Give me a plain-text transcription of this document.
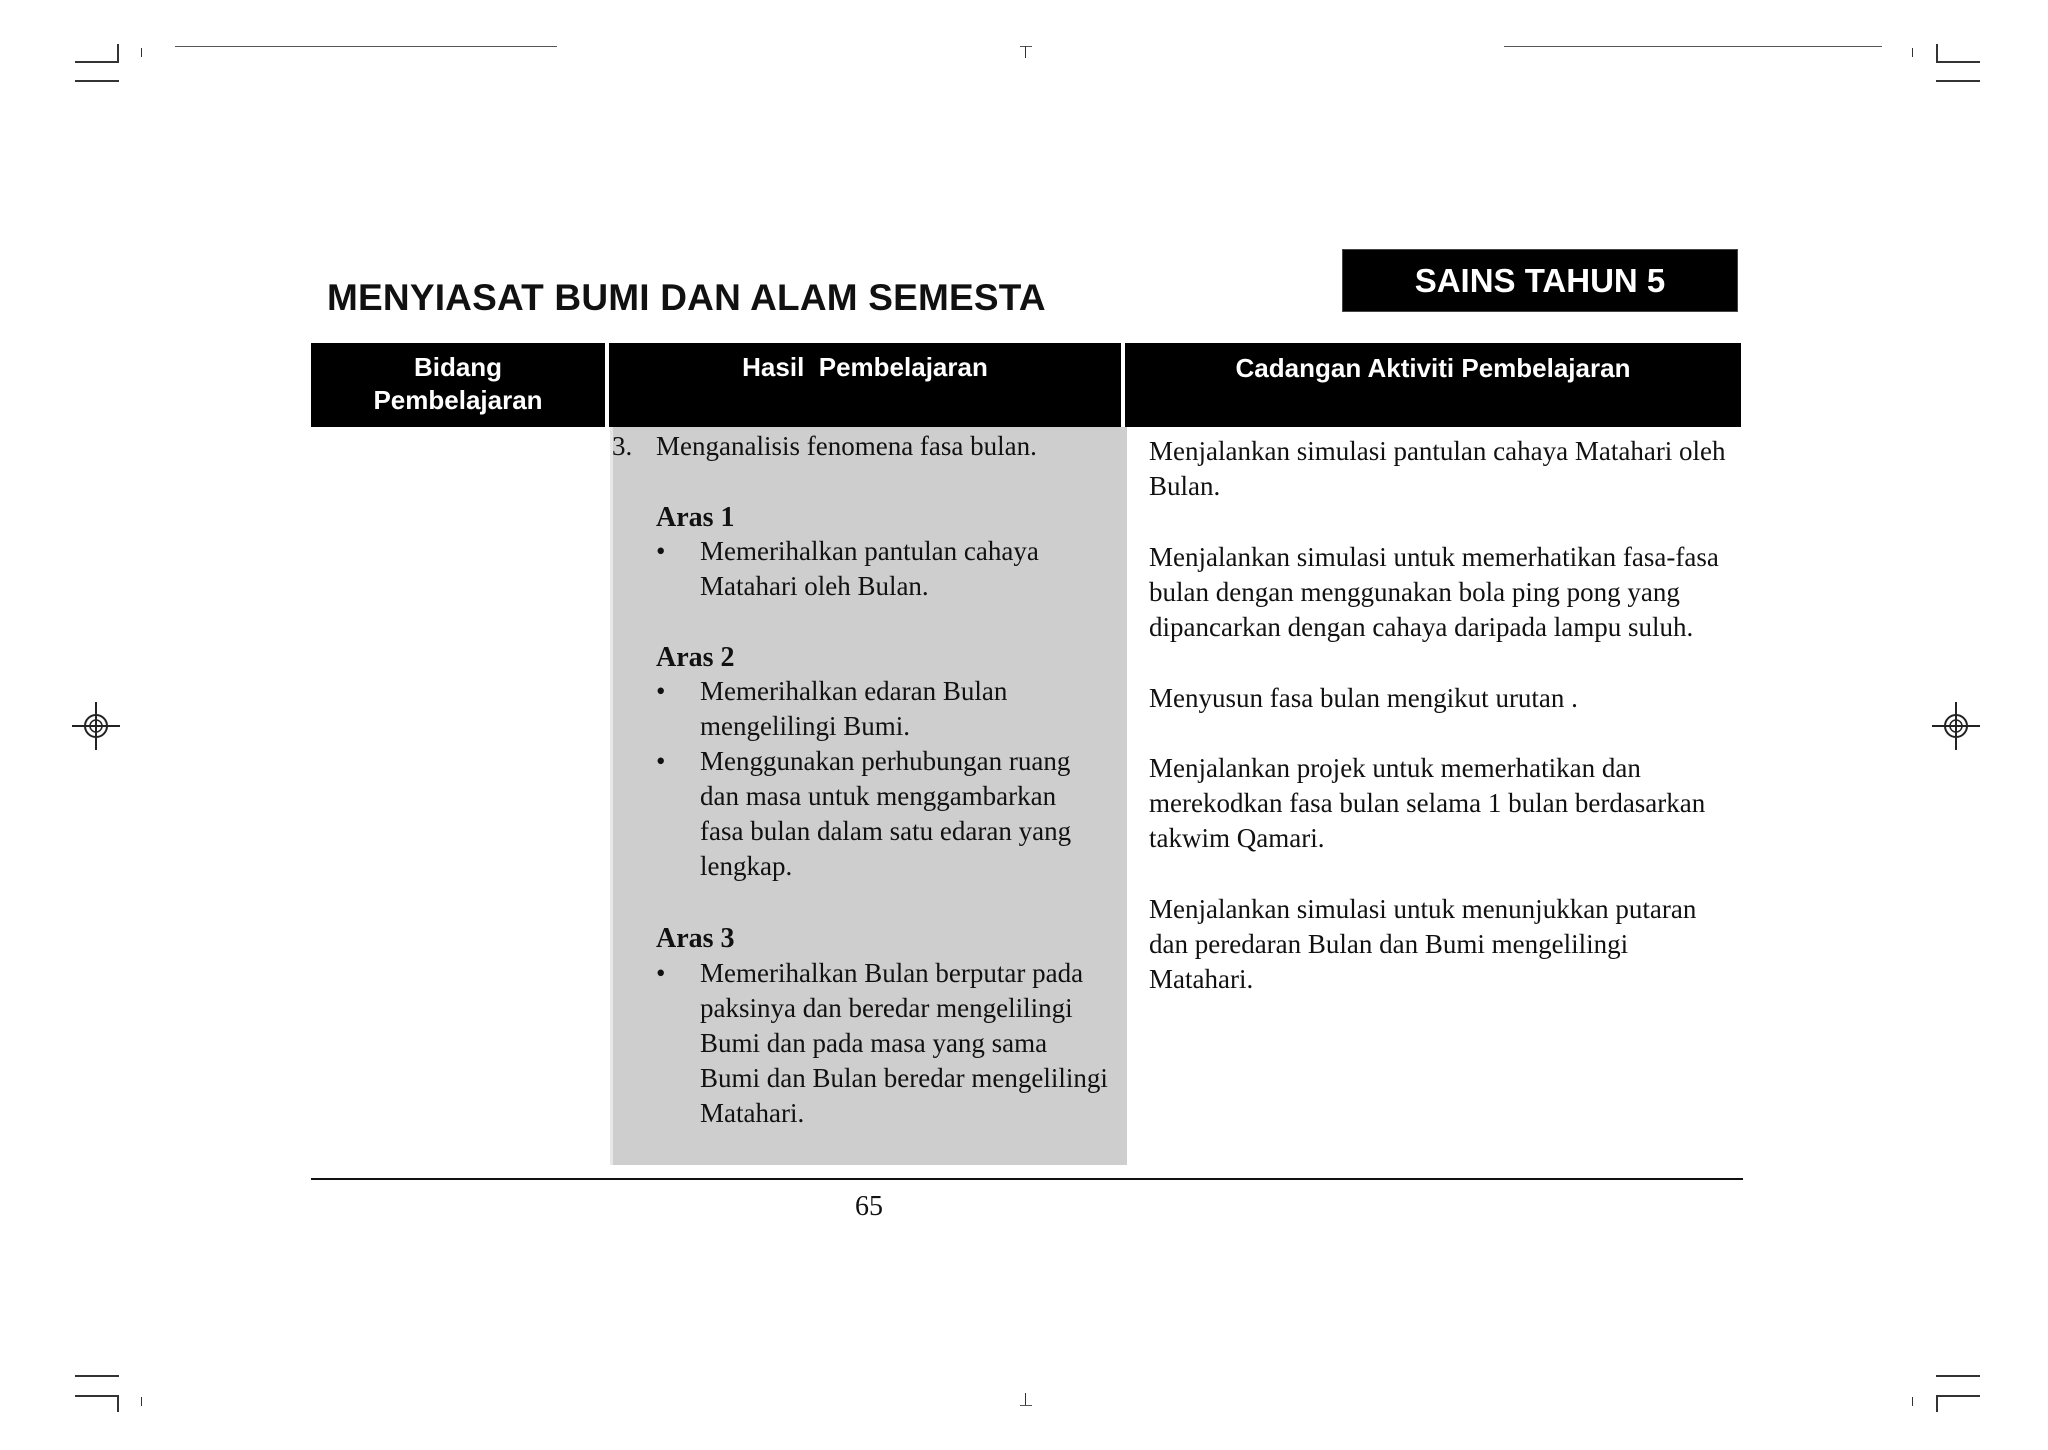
MENYIASAT BUMI DAN ALAM SEMESTA	SAINS TAHUN 5
Bidang Pembelajaran
Hasil  Pembelajaran	Cadangan Aktiviti Pembelajaran
3. Menganalisis fenomena fasa bulan.
Aras 1
• Memerihalkan pantulan cahaya Matahari oleh Bulan.
Aras 2
• Memerihalkan edaran Bulan mengelilingi Bumi.
• Menggunakan perhubungan ruang dan masa untuk menggambarkan fasa bulan dalam satu edaran yang lengkap.
Aras 3
• Memerihalkan Bulan berputar pada paksinya dan beredar mengelilingi Bumi dan pada masa yang sama Bumi dan Bulan beredar mengelilingi Matahari.

Menjalankan simulasi pantulan cahaya Matahari oleh Bulan.

Menjalankan simulasi untuk memerhatikan fasa-fasa bulan dengan menggunakan bola ping pong yang dipancarkan dengan cahaya daripada lampu suluh.

Menyusun fasa bulan mengikut urutan .

Menjalankan projek untuk memerhatikan dan merekodkan fasa bulan selama 1 bulan berdasarkan takwim Qamari.

Menjalankan simulasi untuk menunjukkan putaran dan peredaran Bulan dan Bumi mengelilingi Matahari.

65
